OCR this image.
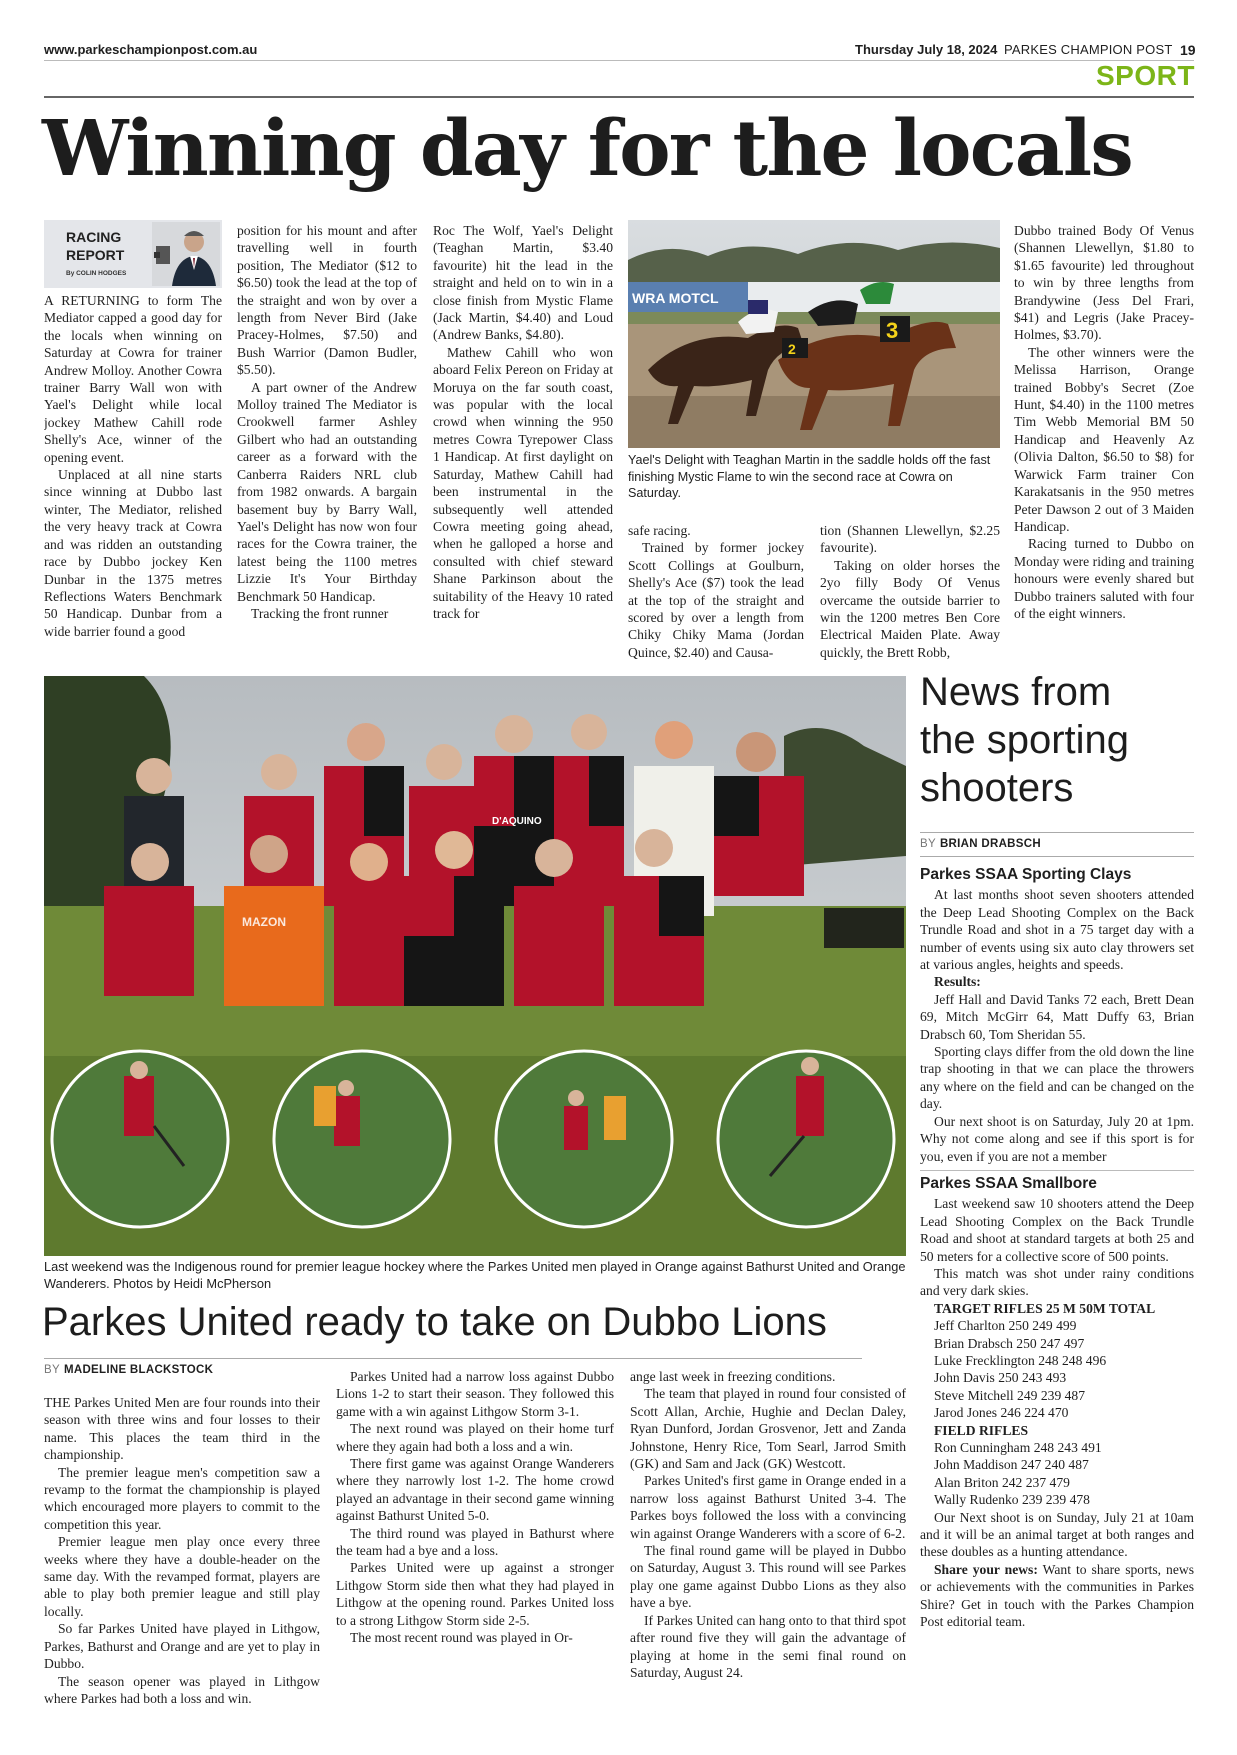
www.parkeschampionpost.com.au	Thursday July 18, 2024 PARKES CHAMPION POST 19
SPORT
Winning day for the locals
RACING
REPORT
By COLIN HODGES

A RETURNING to form The Mediator capped a good day for the locals when winning on Saturday at Cowra for trainer Andrew Molloy. Another Cowra trainer Barry Wall won with Yael's Delight while local jockey Mathew Cahill rode Shelly's Ace, winner of the opening event.

Unplaced at all nine starts since winning at Dubbo last winter, The Mediator, relished the very heavy track at Cowra and was ridden an outstanding race by Dubbo jockey Ken Dunbar in the 1375 metres Reflections Waters Benchmark 50 Handicap. Dunbar from a wide barrier found a good

position for his mount and after travelling well in fourth position, The Mediator ($12 to $6.50) took the lead at the top of the straight and won by over a length from Never Bird (Jake Pracey-Holmes, $7.50) and Bush Warrior (Damon Budler, $5.50).

A part owner of the Andrew Molloy trained The Mediator is Crookwell farmer Ashley Gilbert who had an outstanding career as a forward with the Canberra Raiders NRL club from 1982 onwards. A bargain basement buy by Barry Wall, Yael's Delight has now won four races for the Cowra trainer, the latest being the 1100 metres Lizzie It's Your Birthday Benchmark 50 Handicap.

Tracking the front runner

Roc The Wolf, Yael's Delight (Teaghan Martin, $3.40 favourite) hit the lead in the straight and held on to win in a close finish from Mystic Flame (Jack Martin, $4.40) and Loud (Andrew Banks, $4.80).

Mathew Cahill who won aboard Felix Pereon on Friday at Moruya on the far south coast, was popular with the local crowd when winning the 950 metres Cowra Tyrepower Class 1 Handicap. At first daylight on Saturday, Mathew Cahill had been instrumental in the subsequently well attended Cowra meeting going ahead, when he galloped a horse and consulted with chief steward Shane Parkinson about the suitability of the Heavy 10 rated track for

WRA MOTCL
3
2
Yael's Delight with Teaghan Martin in the saddle holds off the fast finishing Mystic Flame to win the second race at Cowra on Saturday.

safe racing.

Trained by former jockey Scott Collings at Goulburn, Shelly's Ace ($7) took the lead at the top of the straight and scored by over a length from Chiky Chiky Mama (Jordan Quince, $2.40) and Causa-

tion (Shannen Llewellyn, $2.25 favourite).

Taking on older horses the 2yo filly Body Of Venus overcame the outside barrier to win the 1200 metres Ben Core Electrical Maiden Plate. Away quickly, the Brett Robb,

Dubbo trained Body Of Venus (Shannen Llewellyn, $1.80 to $1.65 favourite) led throughout to win by three lengths from Brandywine (Jess Del Frari, $41) and Legris (Jake Pracey-Holmes, $3.70).

The other winners were the Melissa Harrison, Orange trained Bobby's Secret (Zoe Hunt, $4.40) in the 1100 metres Tim Webb Memorial BM 50 Handicap and Heavenly Az (Olivia Dalton, $6.50 to $8) for Warwick Farm trainer Con Karakatsanis in the 950 metres Peter Dawson 2 out of 3 Maiden Handicap.

Racing turned to Dubbo on Monday were riding and training honours were evenly shared but Dubbo trainers saluted with four of the eight winners.

D'AQUINO
MAZON
Last weekend was the Indigenous round for premier league hockey where the Parkes United men played in Orange against Bathurst United and Orange Wanderers. Photos by Heidi McPherson
Parkes United ready to take on Dubbo Lions
BY MADELINE BLACKSTOCK

THE Parkes United Men are four rounds into their season with three wins and four losses to their name. This places the team third in the championship.

The premier league men's competition saw a revamp to the format the championship is played which encouraged more players to commit to the competition this year.

Premier league men play once every three weeks where they have a double-header on the same day. With the revamped format, players are able to play both premier league and still play locally.

So far Parkes United have played in Lithgow, Parkes, Bathurst and Orange and are yet to play in Dubbo.

The season opener was played in Lithgow where Parkes had both a loss and win.

Parkes United had a narrow loss against Dubbo Lions 1-2 to start their season. They followed this game with a win against Lithgow Storm 3-1.

The next round was played on their home turf where they again had both a loss and a win.

There first game was against Orange Wanderers where they narrowly lost 1-2. The home crowd played an advantage in their second game winning against Bathurst United 5-0.

The third round was played in Bathurst where the team had a bye and a loss.

Parkes United were up against a stronger Lithgow Storm side then what they had played in Lithgow at the opening round. Parkes United loss to a strong Lithgow Storm side 2-5.

The most recent round was played in Or-

ange last week in freezing conditions.

The team that played in round four consisted of Scott Allan, Archie, Hughie and Declan Daley, Ryan Dunford, Jordan Grosvenor, Jett and Zanda Johnstone, Henry Rice, Tom Searl, Jarrod Smith (GK) and Sam and Jack (GK) Westcott.

Parkes United's first game in Orange ended in a narrow loss against Bathurst United 3-4. The Parkes boys followed the loss with a convincing win against Orange Wanderers with a score of 6-2.

The final round game will be played in Dubbo on Saturday, August 3. This round will see Parkes play one game against Dubbo Lions as they also have a bye.

If Parkes United can hang onto to that third spot after round five they will gain the advantage of playing at home in the semi final round on Saturday, August 24.

News from
the sporting
shooters
BY BRIAN DRABSCH
Parkes SSAA Sporting Clays

At last months shoot seven shooters attended the Deep Lead Shooting Complex on the Back Trundle Road and shot in a 75 target day with a number of events using six auto clay throwers set at various angles, heights and speeds.

Results:

Jeff Hall and David Tanks 72 each, Brett Dean 69, Mitch McGirr 64, Matt Duffy 63, Brian Drabsch 60, Tom Sheridan 55.

Sporting clays differ from the old down the line trap shooting in that we can place the throwers any where on the field and can be changed on the day.

Our next shoot is on Saturday, July 20 at 1pm. Why not come along and see if this sport is for you, even if you are not a member

Parkes SSAA Smallbore

Last weekend saw 10 shooters attend the Deep Lead Shooting Complex on the Back Trundle Road and shoot at standard targets at both 25 and 50 meters for a collective score of 500 points.

This match was shot under rainy conditions and very dark skies.

TARGET RIFLES 25 M 50M TOTAL

Jeff Charlton 250 249 499

Brian Drabsch 250 247 497

Luke Frecklington 248 248 496

John Davis 250 243 493

Steve Mitchell 249 239 487

Jarod Jones 246 224 470

FIELD RIFLES

Ron Cunningham 248 243 491

John Maddison 247 240 487

Alan Briton 242 237 479

Wally Rudenko 239 239 478

Our Next shoot is on Sunday, July 21 at 10am and it will be an animal target at both ranges and these doubles as a hunting attendance.

Share your news: Want to share sports, news or achievements with the communities in Parkes Shire? Get in touch with the Parkes Champion Post editorial team.
